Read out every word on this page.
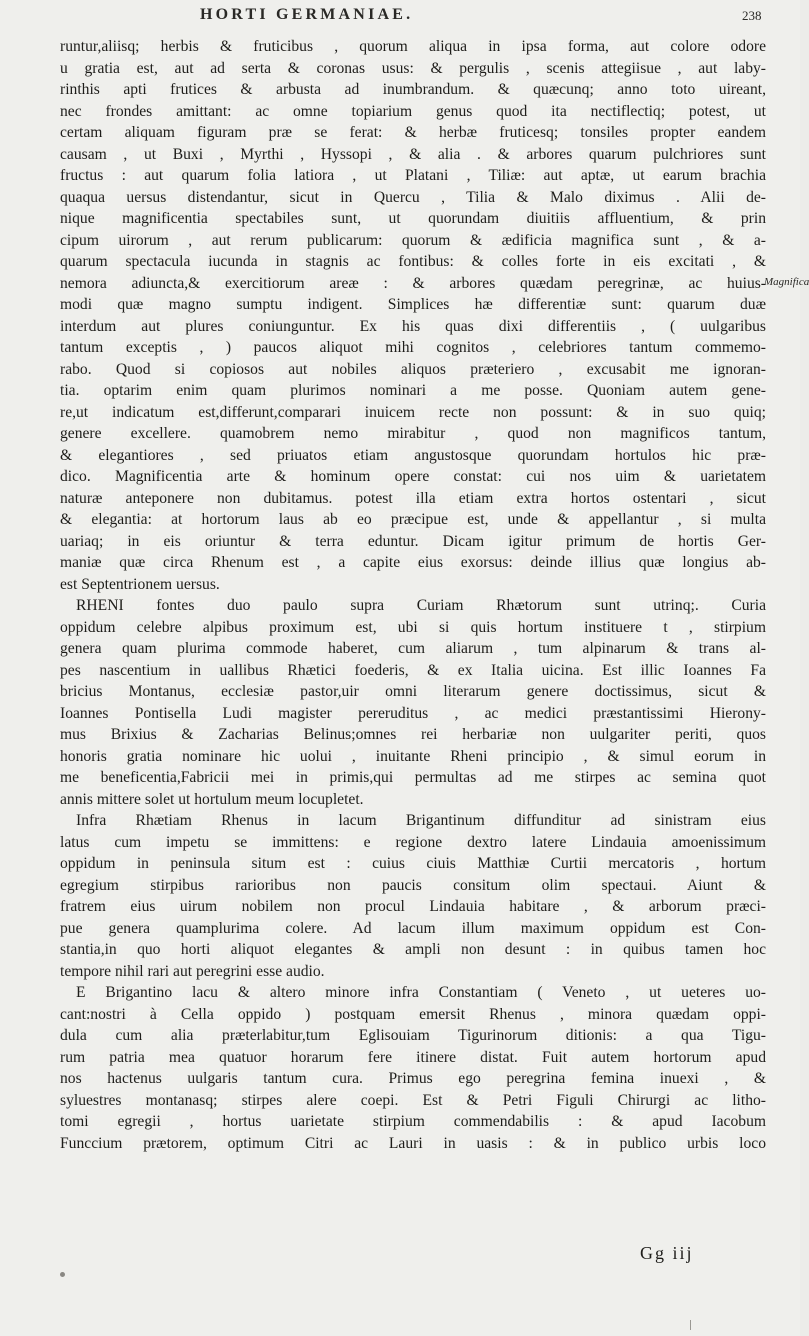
HORTI GERMANIAE.	238
Magnifica
runtur,aliisq; herbis & fruticibus , quorum aliqua in ipsa forma, aut colore odore
u gratia est, aut ad serta & coronas usus: & pergulis , scenis attegiisue , aut laby-
rinthis apti frutices & arbusta ad inumbrandum. & quæcunq; anno toto uireant,
nec frondes amittant: ac omne topiarium genus quod ita nectiflectiq; potest, ut
certam aliquam figuram præ se ferat: & herbæ fruticesq; tonsiles propter eandem
causam , ut Buxi , Myrthi , Hyssopi , & alia . & arbores quarum pulchriores sunt
fructus : aut quarum folia latiora , ut Platani , Tiliæ: aut aptæ, ut earum brachia
quaqua uersus distendantur, sicut in Quercu , Tilia & Malo diximus . Alii de-
nique magnificentia spectabiles sunt, ut quorundam diuitiis affluentium, & prin
cipum uirorum , aut rerum publicarum: quorum & ædificia magnifica sunt , & a-
quarum spectacula iucunda in stagnis ac fontibus: & colles forte in eis excitati , &
nemora adiuncta,& exercitiorum areæ : & arbores quædam peregrinæ, ac huius-
modi quæ magno sumptu indigent. Simplices hæ differentiæ sunt: quarum duæ
interdum aut plures coniunguntur. Ex his quas dixi differentiis , ( uulgaribus
tantum exceptis , ) paucos aliquot mihi cognitos , celebriores tantum commemo-
rabo. Quod si copiosos aut nobiles aliquos præteriero , excusabit me ignoran-
tia. optarim enim quam plurimos nominari a me posse. Quoniam autem gene-
re,ut indicatum est,differunt,comparari inuicem recte non possunt: & in suo quiq;
genere excellere. quamobrem nemo mirabitur , quod non magnificos tantum,
& elegantiores , sed priuatos etiam angustosque quorundam hortulos hic præ-
dico. Magnificentia arte & hominum opere constat: cui nos uim & uarietatem
naturæ anteponere non dubitamus. potest illa etiam extra hortos ostentari , sicut
& elegantia: at hortorum laus ab eo præcipue est, unde & appellantur , si multa
uariaq; in eis oriuntur & terra eduntur. Dicam igitur primum de hortis Ger-
maniæ quæ circa Rhenum est , a capite eius exorsus: deinde illius quæ longius ab-
est Septentrionem uersus.
RHENI fontes duo paulo supra Curiam Rhætorum sunt utrinq;. Curia
oppidum celebre alpibus proximum est, ubi si quis hortum instituere t , stirpium
genera quam plurima commode haberet, cum aliarum , tum alpinarum & trans al-
pes nascentium in uallibus Rhætici foederis, & ex Italia uicina. Est illic Ioannes Fa
bricius Montanus, ecclesiæ pastor,uir omni literarum genere doctissimus, sicut &
Ioannes Pontisella Ludi magister pereruditus , ac medici præstantissimi Hierony-
mus Brixius & Zacharias Belinus;omnes rei herbariæ non uulgariter periti, quos
honoris gratia nominare hic uolui , inuitante Rheni principio , & simul eorum in
me beneficentia,Fabricii mei in primis,qui permultas ad me stirpes ac semina quot
annis mittere solet ut hortulum meum locupletet.
Infra Rhætiam Rhenus in lacum Brigantinum diffunditur ad sinistram eius
latus cum impetu se immittens: e regione dextro latere Lindauia amoenissimum
oppidum in peninsula situm est : cuius ciuis Matthiæ Curtii mercatoris , hortum
egregium stirpibus rarioribus non paucis consitum olim spectaui. Aiunt &
fratrem eius uirum nobilem non procul Lindauia habitare , & arborum præci-
pue genera quamplurima colere. Ad lacum illum maximum oppidum est Con-
stantia,in quo horti aliquot elegantes & ampli non desunt : in quibus tamen hoc
tempore nihil rari aut peregrini esse audio.
E Brigantino lacu & altero minore infra Constantiam ( Veneto , ut ueteres uo-
cant:nostri à Cella oppido ) postquam emersit Rhenus , minora quædam oppi-
dula cum alia præterlabitur,tum Eglisouiam Tigurinorum ditionis: a qua Tigu-
rum patria mea quatuor horarum fere itinere distat. Fuit autem hortorum apud
nos hactenus uulgaris tantum cura. Primus ego peregrina femina inuexi , &
syluestres montanasq; stirpes alere coepi. Est & Petri Figuli Chirurgi ac litho-
tomi egregii , hortus uarietate stirpium commendabilis : & apud Iacobum
Funccium prætorem, optimum Citri ac Lauri in uasis : & in publico urbis loco
Gg iij
